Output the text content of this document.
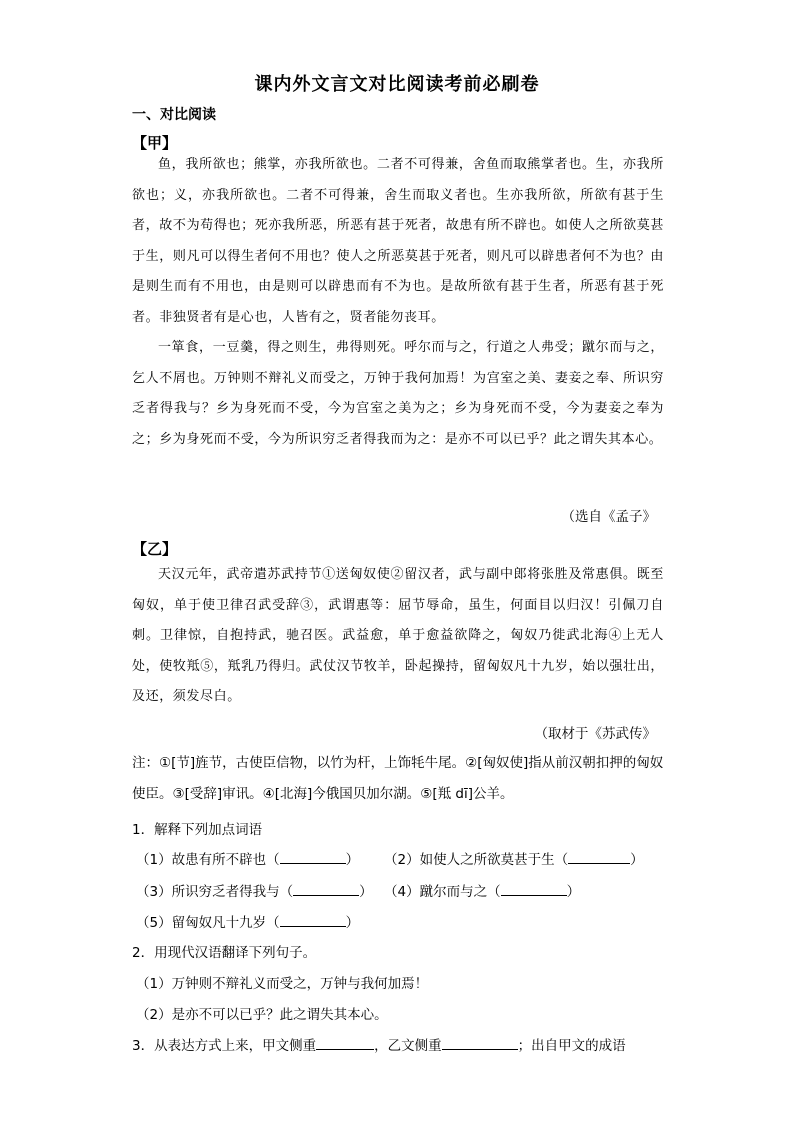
课内外文言文对比阅读考前必刷卷
一、对比阅读
【甲】

鱼，我所欲也；熊掌，亦我所欲也。二者不可得兼，舍鱼而取熊掌者也。生，亦我所欲也；义，亦我所欲也。二者不可得兼，舍生而取义者也。生亦我所欲，所欲有甚于生者，故不为苟得也；死亦我所恶，所恶有甚于死者，故患有所不辟也。如使人之所欲莫甚于生，则凡可以得生者何不用也？使人之所恶莫甚于死者，则凡可以辟患者何不为也？由是则生而有不用也，由是则可以辟患而有不为也。是故所欲有甚于生者，所恶有甚于死者。非独贤者有是心也，人皆有之，贤者能勿丧耳。

一箪食，一豆羹，得之则生，弗得则死。呼尔而与之，行道之人弗受；蹴尔而与之，乞人不屑也。万钟则不辩礼义而受之，万钟于我何加焉！为宫室之美、妻妾之奉、所识穷乏者得我与？乡为身死而不受，今为宫室之美为之；乡为身死而不受，今为妻妾之奉为之；乡为身死而不受，今为所识穷乏者得我而为之：是亦不可以已乎？此之谓失其本心。

（选自《孟子》
【乙】

天汉元年，武帝遣苏武持节①送匈奴使②留汉者，武与副中郎将张胜及常惠俱。既至匈奴，单于使卫律召武受辞③，武谓惠等：屈节辱命，虽生，何面目以归汉！引佩刀自刺。卫律惊，自抱持武，驰召医。武益愈，单于愈益欲降之，匈奴乃徙武北海④上无人处，使牧羝⑤，羝乳乃得归。武仗汉节牧羊，卧起操持，留匈奴凡十九岁，始以强壮出，及还，须发尽白。

（取材于《苏武传》
注：①[节]旌节，古使臣信物，以竹为杆，上饰牦牛尾。②[匈奴使]指从前汉朝扣押的匈奴使臣。③[受辞]审讯。④[北海]今俄国贝加尔湖。⑤[羝 dī]公羊。
1．解释下列加点词语
（1）故患有所不辟也（	） （2）如使人之所欲莫甚于生（	）
（3）所识穷乏者得我与（	） （4）蹴尔而与之（	）
（5）留匈奴凡十九岁（	）
2．用现代汉语翻译下列句子。
（1）万钟则不辩礼义而受之，万钟与我何加焉！
（2）是亦不可以已乎？此之谓失其本心。
3．从表达方式上来，甲文侧重	，乙文侧重	；出自甲文的成语
